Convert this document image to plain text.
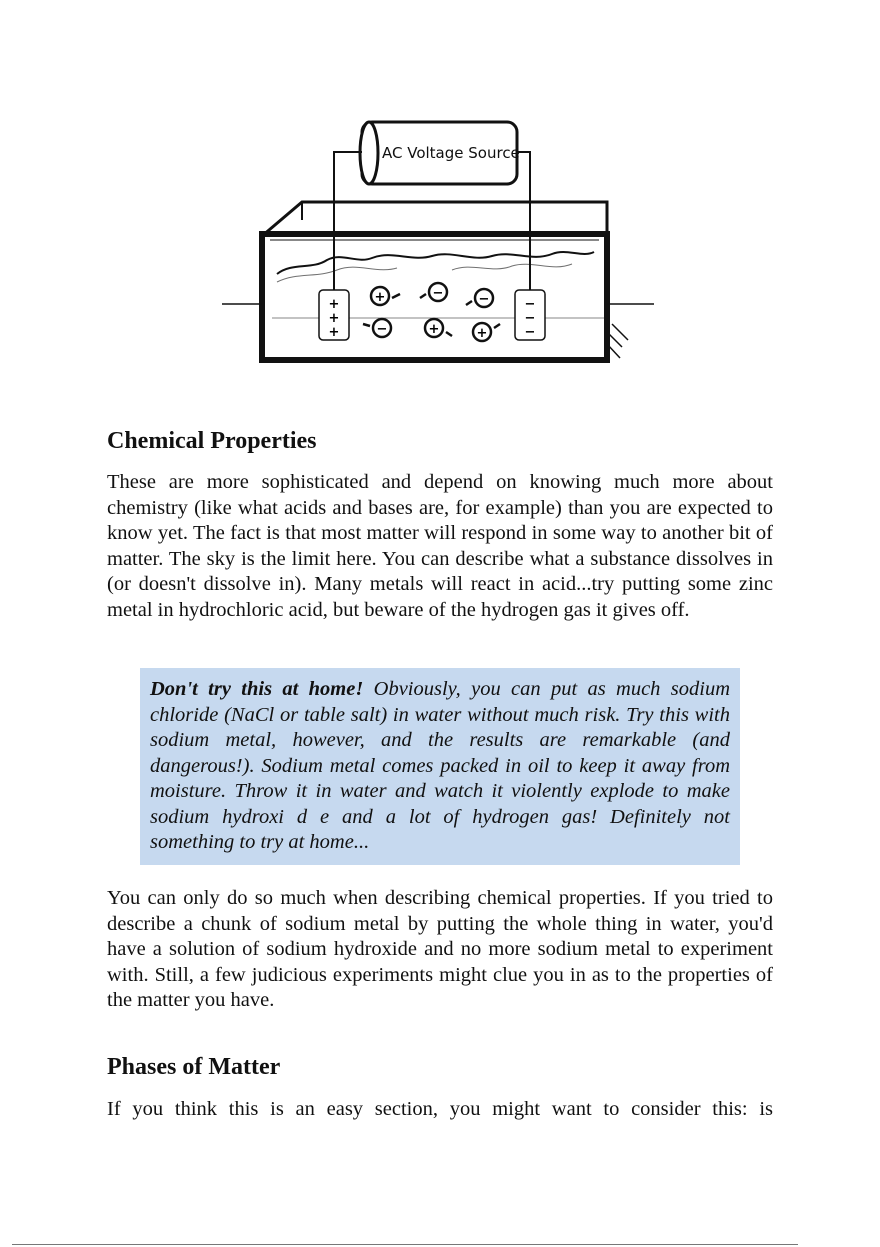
AC Voltage Source
+
+
+
−
−
−
+	−	−
−	+	+
Chemical Properties

These are more sophisticated and depend on knowing much more about chemistry (like what acids and bases are, for example) than you are expected to know yet. The fact is that most matter will respond in some way to another bit of matter. The sky is the limit here. You can describe what a substance dissolves in (or doesn't dissolve in). Many metals will react in acid...try putting some zinc metal in hydrochloric acid, but beware of the hydrogen gas it gives off.

Don't try this at home! Obviously, you can put as much sodium chloride (NaCl or table salt) in water without much risk. Try this with sodium metal, however, and the results are remarkable (and dangerous!). Sodium metal comes packed in oil to keep it away from moisture. Throw it in water and watch it violently explode to make sodium hydroxi d e and a lot of hydrogen gas! Definitely not something to try at home...

You can only do so much when describing chemical properties. If you tried to describe a chunk of sodium metal by putting the whole thing in water, you'd have a solution of sodium hydroxide and no more sodium metal to experiment with. Still, a few judicious experiments might clue you in as to the properties of the matter you have.

Phases of Matter

If you think this is an easy section, you might want to consider this: is
